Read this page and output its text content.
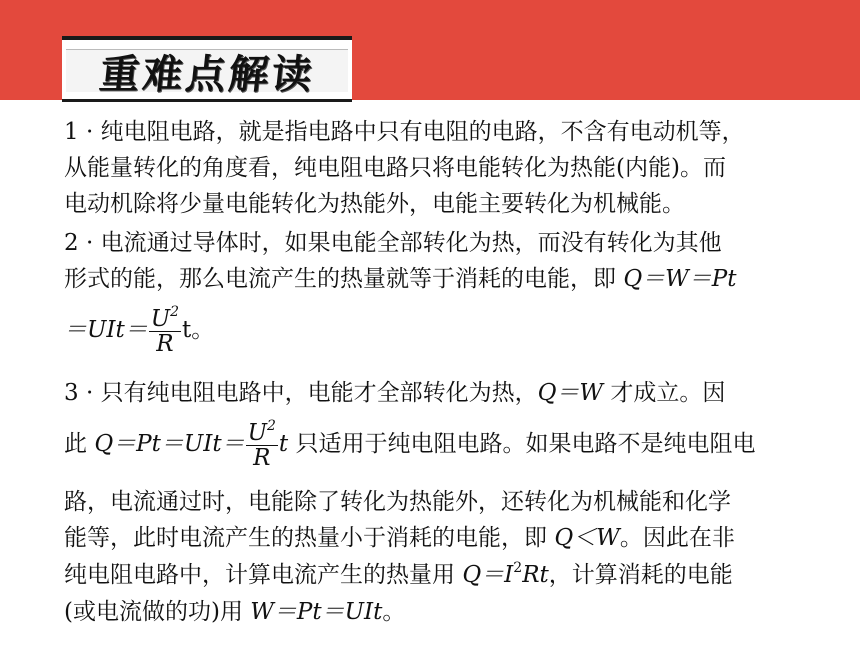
重难点解读
1 · 纯电阻电路，就是指电路中只有电阻的电路，不含有电动机等，
从能量转化的角度看，纯电阻电路只将电能转化为热能(内能)。而
电动机除将少量电能转化为热能外，电能主要转化为机械能。
2 · 电流通过导体时，如果电能全部转化为热，而没有转化为其他
形式的能，那么电流产生的热量就等于消耗的电能，即 Q＝W＝Pt
$=UIt= \frac{U^2}{R}$ t。
3 · 只有纯电阻电路中，电能才全部转化为热，Q＝W 才成立。因
此 $Q=Pt=UIt= \frac{U^2}{R}$ t 只适用于纯电阻电路。如果电路不是纯电阻电
路，电流通过时，电能除了转化为热能外，还转化为机械能和化学
能等，此时电流产生的热量小于消耗的电能，即 Q＜W。因此在非
纯电阻电路中，计算电流产生的热量用 $Q=I^2Rt$，计算消耗的电能
(或电流做的功)用 W＝Pt＝UIt。
